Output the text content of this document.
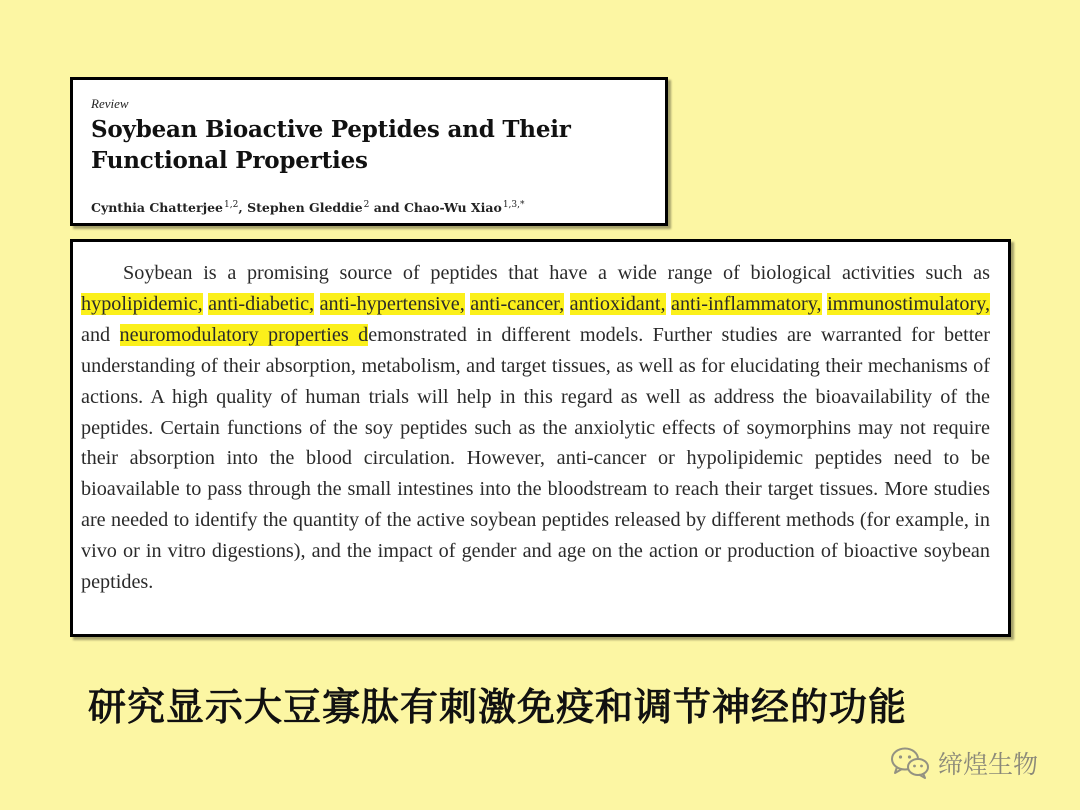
Review
Soybean Bioactive Peptides and Their
Functional Properties
Cynthia Chatterjee$^{1,2}$, Stephen Gleddie$^2$ and Chao-Wu Xiao$^{1,3,*}$

Soybean is a promising source of peptides that have a wide range of biological activities such as hypolipidemic, anti-diabetic, anti-hypertensive, anti-cancer, antioxidant, anti-inflammatory, immunostimulatory, and neuromodulatory properties demonstrated in different models. Further studies are warranted for better understanding of their absorption, metabolism, and target tissues, as well as for elucidating their mechanisms of actions. A high quality of human trials will help in this regard as well as address the bioavailability of the peptides. Certain functions of the soy peptides such as the anxiolytic effects of soymorphins may not require their absorption into the blood circulation. However, anti-cancer or hypolipidemic peptides need to be bioavailable to pass through the small intestines into the bloodstream to reach their target tissues. More studies are needed to identify the quantity of the active soybean peptides released by different methods (for example, in vivo or in vitro digestions), and the impact of gender and age on the action or production of bioactive soybean peptides.

研究显示大豆寡肽有刺激免疫和调节神经的功能
缔煌生物
